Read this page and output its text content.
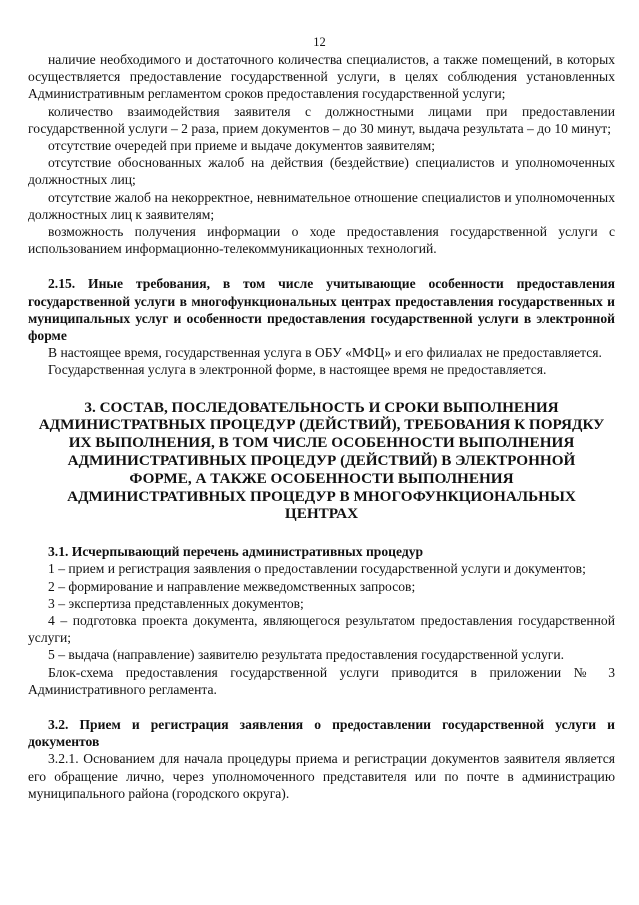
12

наличие необходимого и достаточного количества специалистов, а также помещений, в которых осуществляется предоставление государственной услуги, в целях соблюдения установленных Административным регламентом сроков предоставления государственной услуги;

количество взаимодействия заявителя с должностными лицами при предоставлении государственной услуги – 2 раза, прием документов – до 30 минут, выдача результата – до 10 минут;

отсутствие очередей при приеме и выдаче документов заявителям;

отсутствие обоснованных жалоб на действия (бездействие) специалистов и уполномоченных должностных лиц;

отсутствие жалоб на некорректное, невнимательное отношение специалистов и уполномоченных должностных лиц к заявителям;

возможность получения информации о ходе предоставления государственной услуги с использованием информационно-телекоммуникационных технологий.

2.15. Иные требования, в том числе учитывающие особенности предоставления государственной услуги в многофункциональных центрах предоставления государственных и муниципальных услуг и особенности предоставления государственной услуги в электронной форме

В настоящее время, государственная услуга в ОБУ «МФЦ» и его филиалах не предоставляется.

Государственная услуга в электронной форме, в настоящее время не предоставляется.

3. СОСТАВ, ПОСЛЕДОВАТЕЛЬНОСТЬ И СРОКИ ВЫПОЛНЕНИЯ АДМИНИСТРАТВНЫХ ПРОЦЕДУР (ДЕЙСТВИЙ), ТРЕБОВАНИЯ К ПОРЯДКУ ИХ ВЫПОЛНЕНИЯ, В ТОМ ЧИСЛЕ ОСОБЕННОСТИ ВЫПОЛНЕНИЯ АДМИНИСТРАТИВНЫХ ПРОЦЕДУР (ДЕЙСТВИЙ) В ЭЛЕКТРОННОЙ ФОРМЕ, А ТАКЖЕ ОСОБЕННОСТИ ВЫПОЛНЕНИЯ АДМИНИСТРАТИВНЫХ ПРОЦЕДУР В МНОГОФУНКЦИОНАЛЬНЫХ ЦЕНТРАХ

3.1. Исчерпывающий перечень административных процедур

1 – прием и регистрация заявления о предоставлении государственной услуги и документов;

2 – формирование и направление межведомственных запросов;

3 – экспертиза представленных документов;

4 – подготовка проекта документа, являющегося результатом предоставления государственной услуги;

5 – выдача (направление) заявителю результата предоставления государственной услуги.

Блок-схема предоставления государственной услуги приводится в приложении № 3 Административного регламента.

3.2. Прием и регистрация заявления о предоставлении государственной услуги и документов

3.2.1. Основанием для начала процедуры приема и регистрации документов заявителя является его обращение лично, через уполномоченного представителя или по почте в администрацию муниципального района (городского округа).
